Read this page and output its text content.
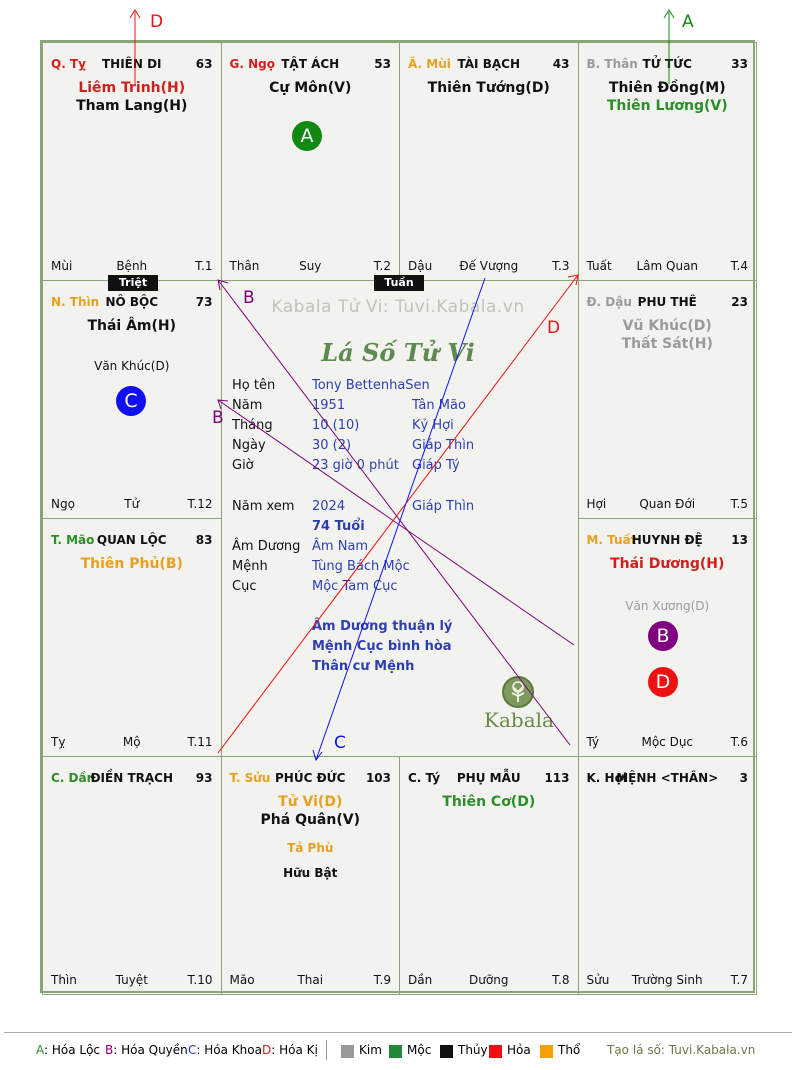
Q. Tỵ	THIÊN DI	63
Liêm Trinh(H)
Tham Lang(H)
Mùi	Bệnh	T.1
G. Ngọ TẬT ÁCH	53
Cự Môn(V)
Thân	Suy	T.2
Ã. Mùi TÀI BẠCH	43
Thiên Tướng(D)
Dậu	Đế Vượng	T.3
B. Thân TỬ TỨC	33
Thiên Đồng(M)
Thiên Lương(V)
Tuất	Lâm Quan	T.4
Đ. Dậu PHU THÊ	23
Vũ Khúc(D)
Thất Sát(H)
Hợi	Quan Đới	T.5
M. Tuất
HUYNH ĐỆ	13
Thái Dương(H)
Văn Xương(D)
Tý	Mộc Dục	T.6
K. Hợi
MỆNH <THÂN>	3
Sửu	Trường Sinh	T.7
C. Tý	PHỤ MẪU	113
Thiên Cơ(D)
Dần	Dưỡng	T.8
T. Sửu PHÚC ĐỨC	103
Tử Vi(D)
Phá Quân(V)
Tả Phù
Hữu Bật
Mão	Thai	T.9
C. Dần
ĐIỀN TRẠCH	93
Thìn	Tuyệt	T.10
T. Mão QUAN LỘC	83
Thiên Phủ(B)
Tỵ	Mộ	T.11
N. Thìn NÔ BỘC	73
Thái Âm(H)
Văn Khúc(D)
Ngọ	Tử	T.12
Triệt	Tuần
Kabala Tử Vi: Tuvi.Kabala.vn
Lá Số Tử Vi
Họ tên	Tony BettenhaSen
Năm	1951	Tân Mão
Tháng	10 (10)	Kỷ Hợi
Ngày	30 (2)	Giáp Thìn
Giờ	23 giờ 0 phút Giáp Tý
Năm xem 2024	Giáp Thìn
74 Tuổi
Âm Dương Âm Nam
Mệnh	Tùng Bách Mộc
Cục	Mộc Tam Cục
Âm Dương thuận lý
Mệnh Cục bình hòa
Thân cư Mệnh
Kabala
A
C
B
D
D	A
B
B
D
C
A: Hóa Lộc B: Hóa Quyền C: Hóa Khoa D: Hóa Kị	Kim Mộc Thủy Hỏa Thổ Tạo lá số: Tuvi.Kabala.vn
